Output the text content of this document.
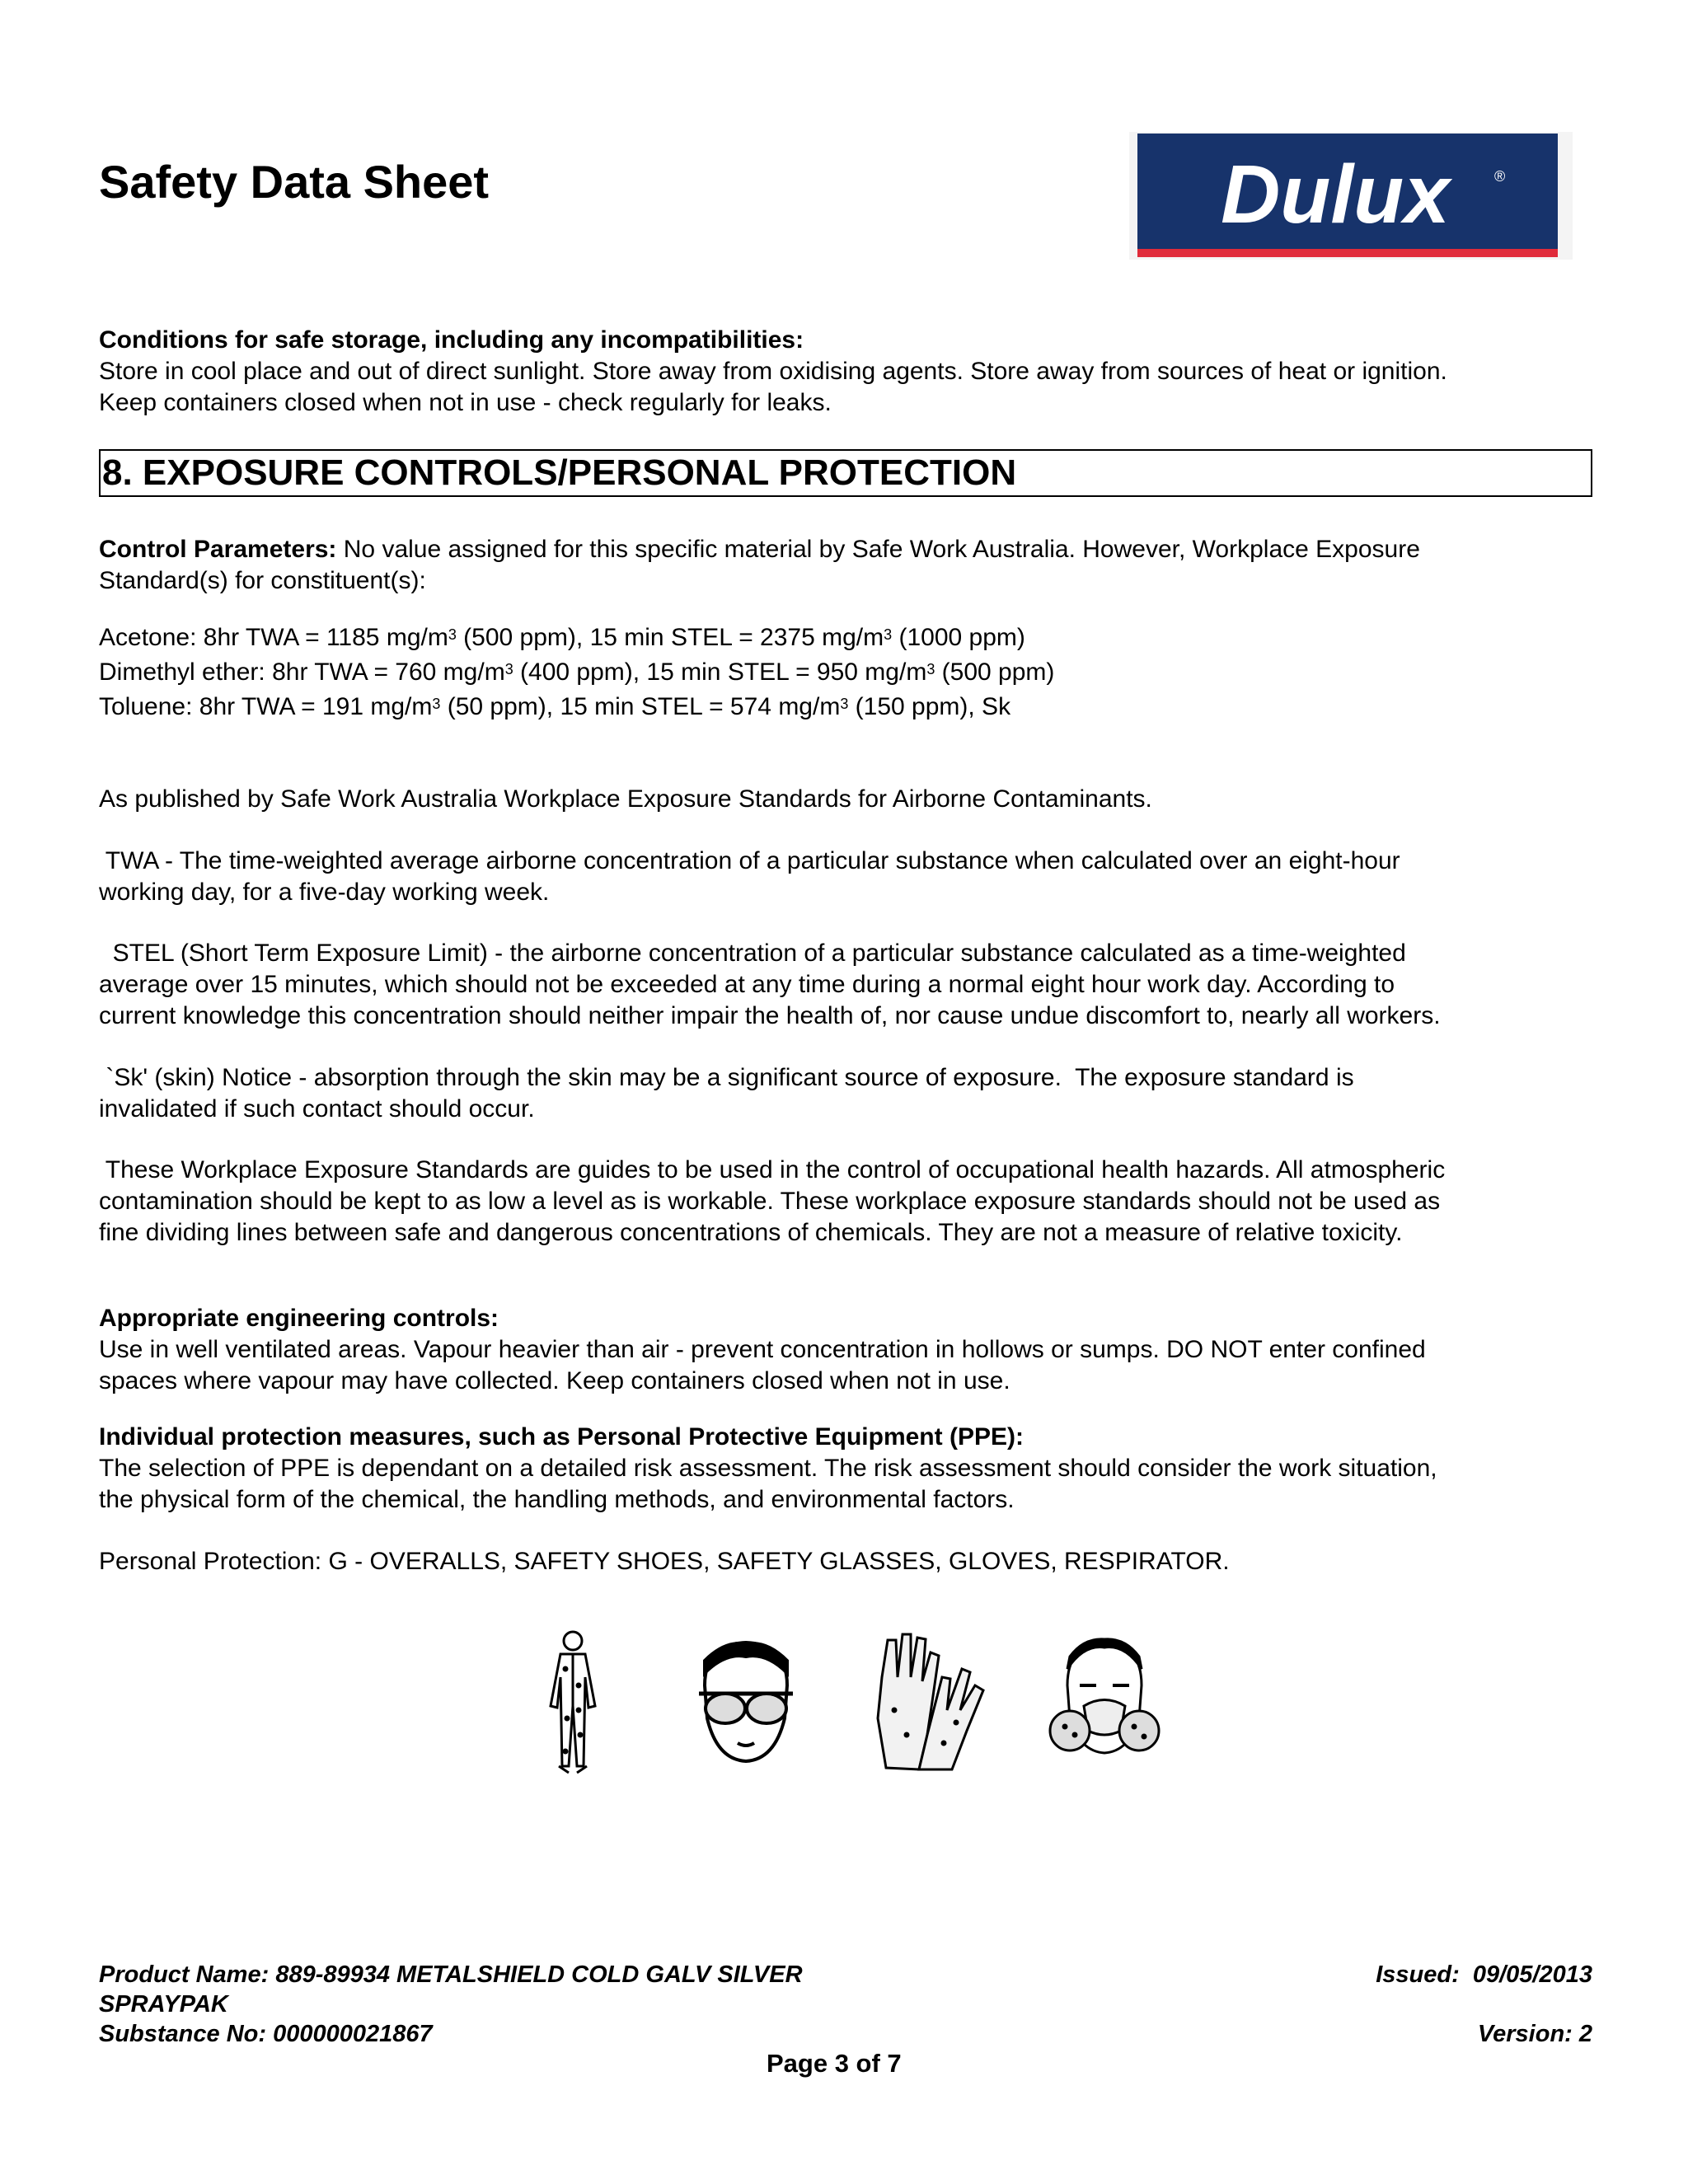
Safety Data Sheet	Dulux	®
Conditions for safe storage, including any incompatibilities:
Store in cool place and out of direct sunlight. Store away from oxidising agents. Store away from sources of heat or ignition.
Keep containers closed when not in use - check regularly for leaks.
8. EXPOSURE CONTROLS/PERSONAL PROTECTION
Control Parameters: No value assigned for this specific material by Safe Work Australia. However, Workplace Exposure
Standard(s) for constituent(s):
Acetone: 8hr TWA = 1185 $mg/m^3$ (500 ppm), 15 min STEL = 2375 $mg/m^3$ (1000 ppm)
Dimethyl ether: 8hr TWA = 760 $mg/m^3$ (400 ppm), 15 min STEL = 950 $mg/m^3$ (500 ppm)
Toluene: 8hr TWA = 191 $mg/m^3$ (50 ppm), 15 min STEL = 574 $mg/m^3$ (150 ppm), Sk
As published by Safe Work Australia Workplace Exposure Standards for Airborne Contaminants.
TWA - The time-weighted average airborne concentration of a particular substance when calculated over an eight-hour
working day, for a five-day working week.
STEL (Short Term Exposure Limit) - the airborne concentration of a particular substance calculated as a time-weighted
average over 15 minutes, which should not be exceeded at any time during a normal eight hour work day. According to
current knowledge this concentration should neither impair the health of, nor cause undue discomfort to, nearly all workers.
`Sk' (skin) Notice - absorption through the skin may be a significant source of exposure.  The exposure standard is
invalidated if such contact should occur.
These Workplace Exposure Standards are guides to be used in the control of occupational health hazards. All atmospheric
contamination should be kept to as low a level as is workable. These workplace exposure standards should not be used as
fine dividing lines between safe and dangerous concentrations of chemicals. They are not a measure of relative toxicity.
Appropriate engineering controls:
Use in well ventilated areas. Vapour heavier than air - prevent concentration in hollows or sumps. DO NOT enter confined
spaces where vapour may have collected. Keep containers closed when not in use.
Individual protection measures, such as Personal Protective Equipment (PPE):
The selection of PPE is dependant on a detailed risk assessment. The risk assessment should consider the work situation,
the physical form of the chemical, the handling methods, and environmental factors.
Personal Protection: G - OVERALLS, SAFETY SHOES, SAFETY GLASSES, GLOVES, RESPIRATOR.
Product Name: 889-89934 METALSHIELD COLD GALV SILVER
SPRAYPAK
Substance No: 000000021867
Issued:  09/05/2013
Version: 2
Page 3 of 7
